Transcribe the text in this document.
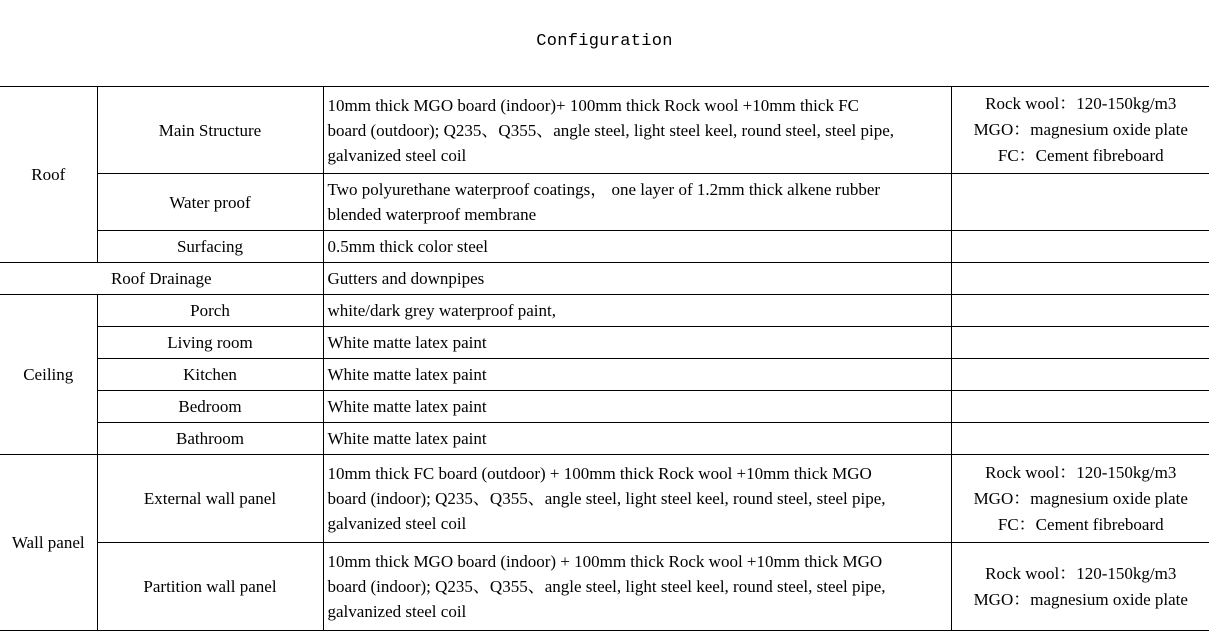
Configuration
Roof	Main Structure	10mm thick MGO board (indoor)+ 100mm thick Rock wool +10mm thick FC
board (outdoor); Q235、Q355、angle steel, light steel keel, round steel, steel pipe,
galvanized steel coil	Rock wool：120-150kg/m3
MGO：magnesium oxide plate
FC：Cement fibreboard

	Water proof	Two polyurethane waterproof coatings， one layer of 1.2mm thick alkene rubber
blended waterproof membrane	

	Surfacing	0.5mm thick color steel	
Roof Drainage		Gutters and downpipes	
Ceiling	Porch	white/dark grey waterproof paint,	
	Living room	White matte latex paint	
	Kitchen	White matte latex paint	
	Bedroom	White matte latex paint	
	Bathroom	White matte latex paint	
Wall panel	External wall panel	10mm thick FC board (outdoor) + 100mm thick Rock wool +10mm thick MGO
board (indoor); Q235、Q355、angle steel, light steel keel, round steel, steel pipe,
galvanized steel coil	Rock wool：120-150kg/m3
MGO：magnesium oxide plate
FC：Cement fibreboard

	Partition wall panel	10mm thick MGO board (indoor) + 100mm thick Rock wool +10mm thick MGO
board (indoor); Q235、Q355、angle steel, light steel keel, round steel, steel pipe,
galvanized steel coil	Rock wool：120-150kg/m3
MGO：magnesium oxide plate
